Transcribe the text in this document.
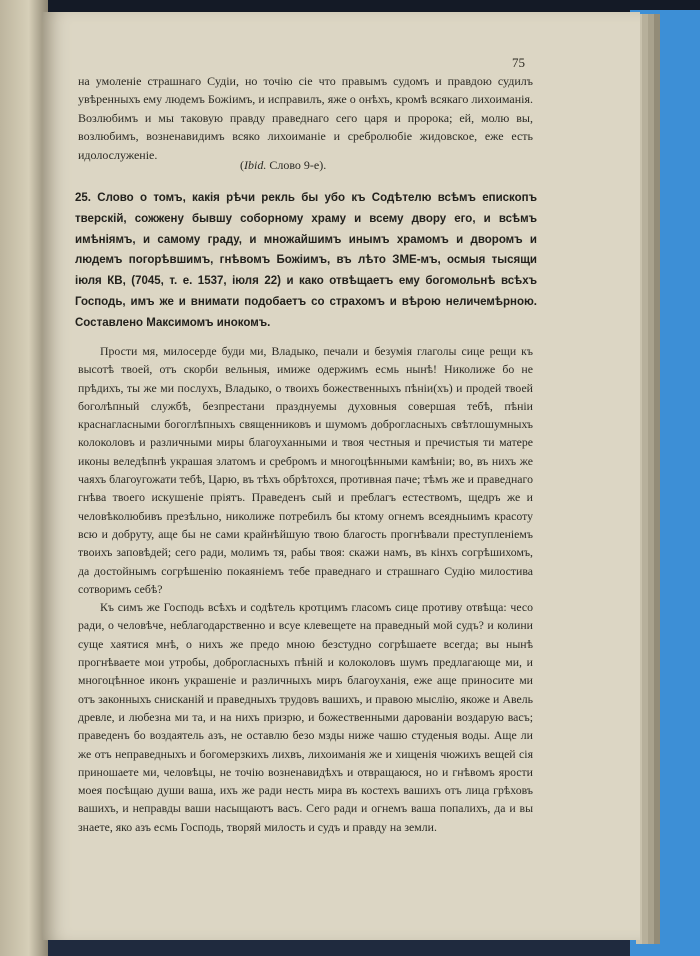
75
на умоленіе страшнаго Судіи, но точію сіе что правымъ судомъ и правдою судилъ увѣренныхъ ему людемъ Божіимъ, и исправилъ, яже о онѣхъ, кромѣ всякаго лихоиманія. Возлюбимъ и мы таковую правду праведнаго сего царя и пророка; ей, молю вы, возлюбимъ, возненавидимъ всяко лихоиманіе и сребролюбіе жидовское, еже есть идолослуженіе.
(Ibid. Слово 9-е).
25. Слово о томъ, какія рѣчи рекль бы убо къ Содѣтелю всѣмъ епископъ тверскій, сожжену бывшу соборному храму и всему двору его, и всѣмъ имѣніямъ, и самому граду, и множайшимъ инымъ храмомъ и дворомъ и людемъ погорѣвшимъ, гнѣвомъ Божіимъ, въ лѣто ЗМЕ-мъ, осмыя тысящи іюля КВ, (7045, т. е. 1537, іюля 22) и како отвѣщаетъ ему богомольнѣ всѣхъ Господь, имъ же и внимати подобаетъ со страхомъ и вѣрою неличемѣрною. Составлено Максимомъ инокомъ.

Прости мя, милосерде буди ми, Владыко, печали и безумія глаголы сице рещи къ высотѣ твоей, отъ скорби вельныя, имиже одержимъ есмь нынѣ! Николиже бо не прѣдихъ, ты же ми послухъ, Владыко, о твоихъ божественныхъ пѣніи(хъ) и продей твоей боголѣпный службѣ, безпрестани празднуемы духовныя совершая тебѣ, пѣніи краснагласными богоглѣпныхъ священниковъ и шумомъ доброгласныхъ свѣтлошумныхъ колоколовъ и различными миры благоуханными и твоя честныя и пречистыя ти матере иконы веледѣпнѣ украшая златомъ и сребромъ и многоцѣнными камѣніи; во, въ нихъ же чаяхъ благоугожати тебѣ, Царю, въ тѣхъ обрѣтохся, противная паче; тѣмъ же и праведнаго гнѣва твоего искушеніе пріятъ. Праведенъ сый и преблагъ естествомъ, щедръ же и человѣколюбивъ презѣльно, николиже потребилъ бы ктому огнемъ всеядныимъ красоту всю и добруту, аще бы не сами крайнѣйшую твою благость прогнѣвали преступленіемъ твоихъ заповѣдей; сего ради, молимъ тя, рабы твоя: скажи намъ, въ кінхъ согрѣшихомъ, да достойнымъ согрѣшенію покаяніемъ тебе праведнаго и страшнаго Судію милостива сотворимъ себѣ?

Къ симъ же Господь всѣхъ и содѣтель кротцимъ гласомъ сице противу отвѣща: чесо ради, о человѣче, неблагодарственно и всуе клевещете на праведный мой судъ? и колини суще хаятися мнѣ, о нихъ же предо мною безстудно согрѣшаете всегда; вы нынѣ прогнѣваете мои утробы, доброгласныхъ пѣній и колоколовъ шумъ предлагающе ми, и многоцѣнное иконъ украшеніе и различныхъ миръ благоуханія, еже аще приносите ми отъ законныхъ снисканій и праведныхъ трудовъ вашихъ, и правою мыслію, якоже и Авель древле, и любезна ми та, и на нихъ призрю, и божественными дарованіи воздарую васъ; праведенъ бо воздаятель азъ, не оставлю безо мзды ниже чашю студеныя воды. Аще ли же отъ неправедныхъ и богомерзкихъ лихвъ, лихоиманія же и хищенія чюжихъ вещей сія приношаете ми, человѣцы, не точію возненавидѣхъ и отвращаюся, но и гнѣвомъ ярости моея посѣщаю души ваша, ихъ же ради несть мира въ костехъ вашихъ отъ лица грѣховъ вашихъ, и неправды ваши насыщаютъ васъ. Сего ради и огнемъ ваша попалихъ, да и вы знаете, яко азъ есмь Господь, творяй милость и судъ и правду на земли.
